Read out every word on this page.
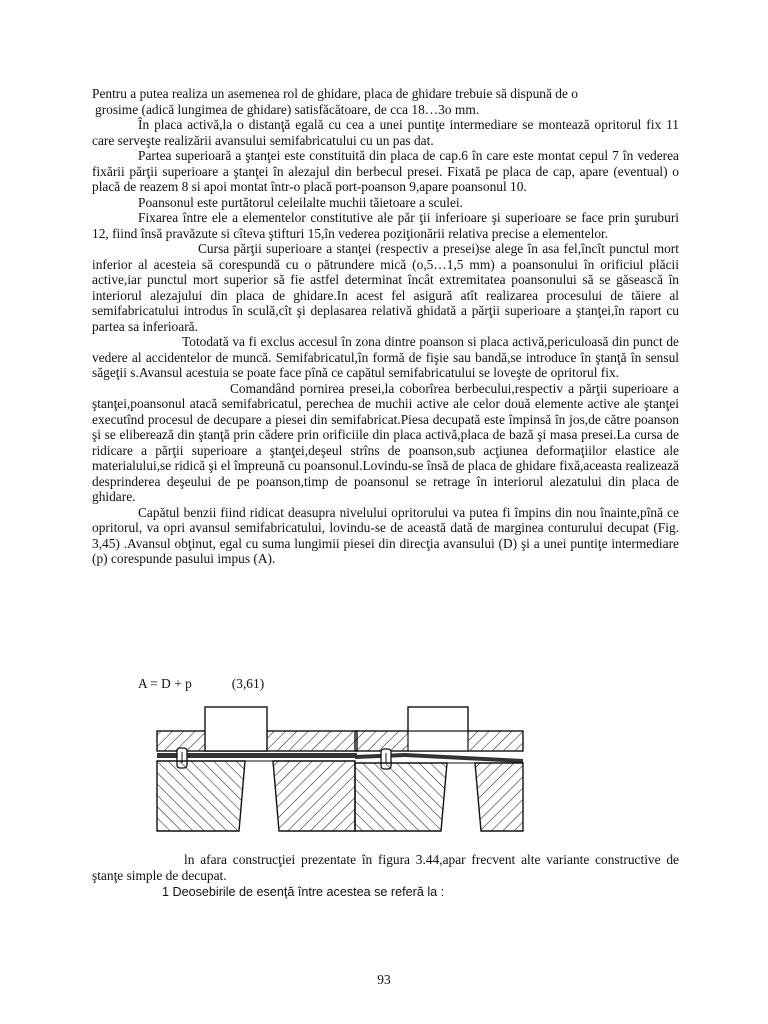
Pentru a putea realiza un asemenea rol de ghidare, placa de ghidare trebuie să dispună de o
grosime (adică lungimea de ghidare) satisfăcătoare, de cca 18…3o mm.

În placa activă,la o distanţă egală cu cea a unei puntiţe intermediare se montează opritorul fix 11 care serveşte realizării avansului semifabricatului cu un pas dat.

Partea superioară a ştanţei este constituită din placa de cap.6 în care este montat cepul 7 în vederea fixării părţii superioare a ştanţei în alezajul din berbecul presei. Fixată pe placa de cap, apare (eventual) o placă de reazem 8 si apoi montat într-o placă port-poanson 9,apare poansonul 10.

Poansonul este purtătorul celeilalte muchii tăietoare a sculei.

Fixarea între ele a elementelor constitutive ale păr ţii inferioare şi superioare se face prin şuruburi 12, fiind însă pravăzute si cîteva ştifturi 15,în vederea poziţionării relativa precise a elementelor.

Cursa părţii superioare a stanţei (respectiv a presei)se alege în asa fel,încît punctul mort inferior al acesteia să corespundă cu o pătrundere mică (o,5…1,5 mm) a poansonului în orificiul plăcii active,iar punctul mort superior să fie astfel determinat încât extremitatea poansonului să se găsească în interiorul alezajului din placa de ghidare.In acest fel asigură atît realizarea procesului de tăiere al semifabricatului introdus în sculă,cît şi deplasarea relativă ghidată a părţii superioare a ştanţei,în raport cu partea sa inferioară.

Totodată va fi exclus accesul în zona dintre poanson si placa activă,periculoasă din punct de vedere al accidentelor de muncă. Semifabricatul,în formă de fişie sau bandă,se introduce în ştanţă în sensul săgeţii s.Avansul acestuia se poate face pînă ce capătul semifabricatului se loveşte de opritorul fix.

Comandând pornirea presei,la coborîrea berbecului,respectiv a părţii superioare a ştanţei,poansonul atacă semifabricatul, perechea de muchii active ale celor două elemente active ale ştanţei executînd procesul de decupare a piesei din semifabricat.Piesa decupată este împinsă în jos,de către poanson şi se eliberează din ştanţă prin cădere prin orificiile din placa activă,placa de bază şi masa presei.La cursa de ridicare a părţii superioare a ştanţei,deşeul strîns de poanson,sub acţiunea deformaţiilor elastice ale materialului,se ridică şi el împreună cu poansonul.Lovindu-se însă de placa de ghidare fixă,aceasta realizează desprinderea deşeului de pe poanson,timp de poansonul se retrage în interiorul alezatului din placa de ghidare.

Capătul benzii fiind ridicat deasupra nivelului opritorului va putea fi împins din nou înainte,pînă ce opritorul, va opri avansul semifabricatului, lovindu-se de această dată de marginea conturului decupat (Fig. 3,45) .Avansul obţinut, egal cu suma lungimii piesei din direcţia avansului (D) şi a unei puntiţe intermediare (p) corespunde pasului impus (A).

A = D + p	(3,61)

ln afara construcţiei prezentate în figura 3.44,apar frecvent alte variante constructive de ştanţe simple de decupat.

1 Deosebirile de esenţă între acestea se referă la :
93
